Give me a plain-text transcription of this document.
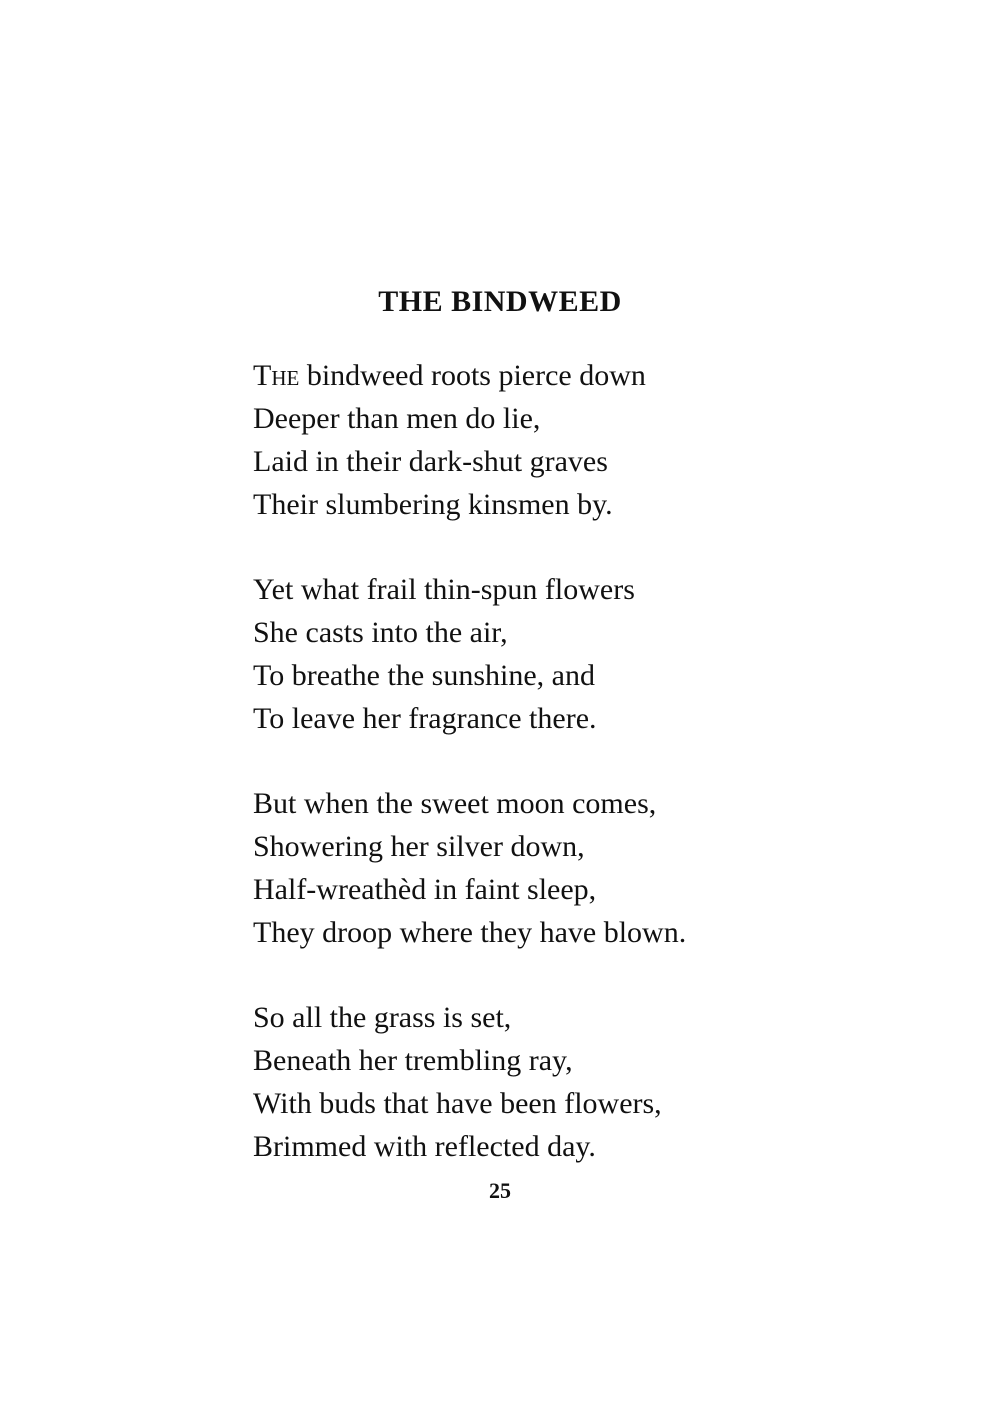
THE BINDWEED
The bindweed roots pierce down
Deeper than men do lie,
Laid in their dark-shut graves
Their slumbering kinsmen by.
Yet what frail thin-spun flowers
She casts into the air,
To breathe the sunshine, and
To leave her fragrance there.
But when the sweet moon comes,
Showering her silver down,
Half-wreathèd in faint sleep,
They droop where they have blown.
So all the grass is set,
Beneath her trembling ray,
With buds that have been flowers,
Brimmed with reflected day.
25
